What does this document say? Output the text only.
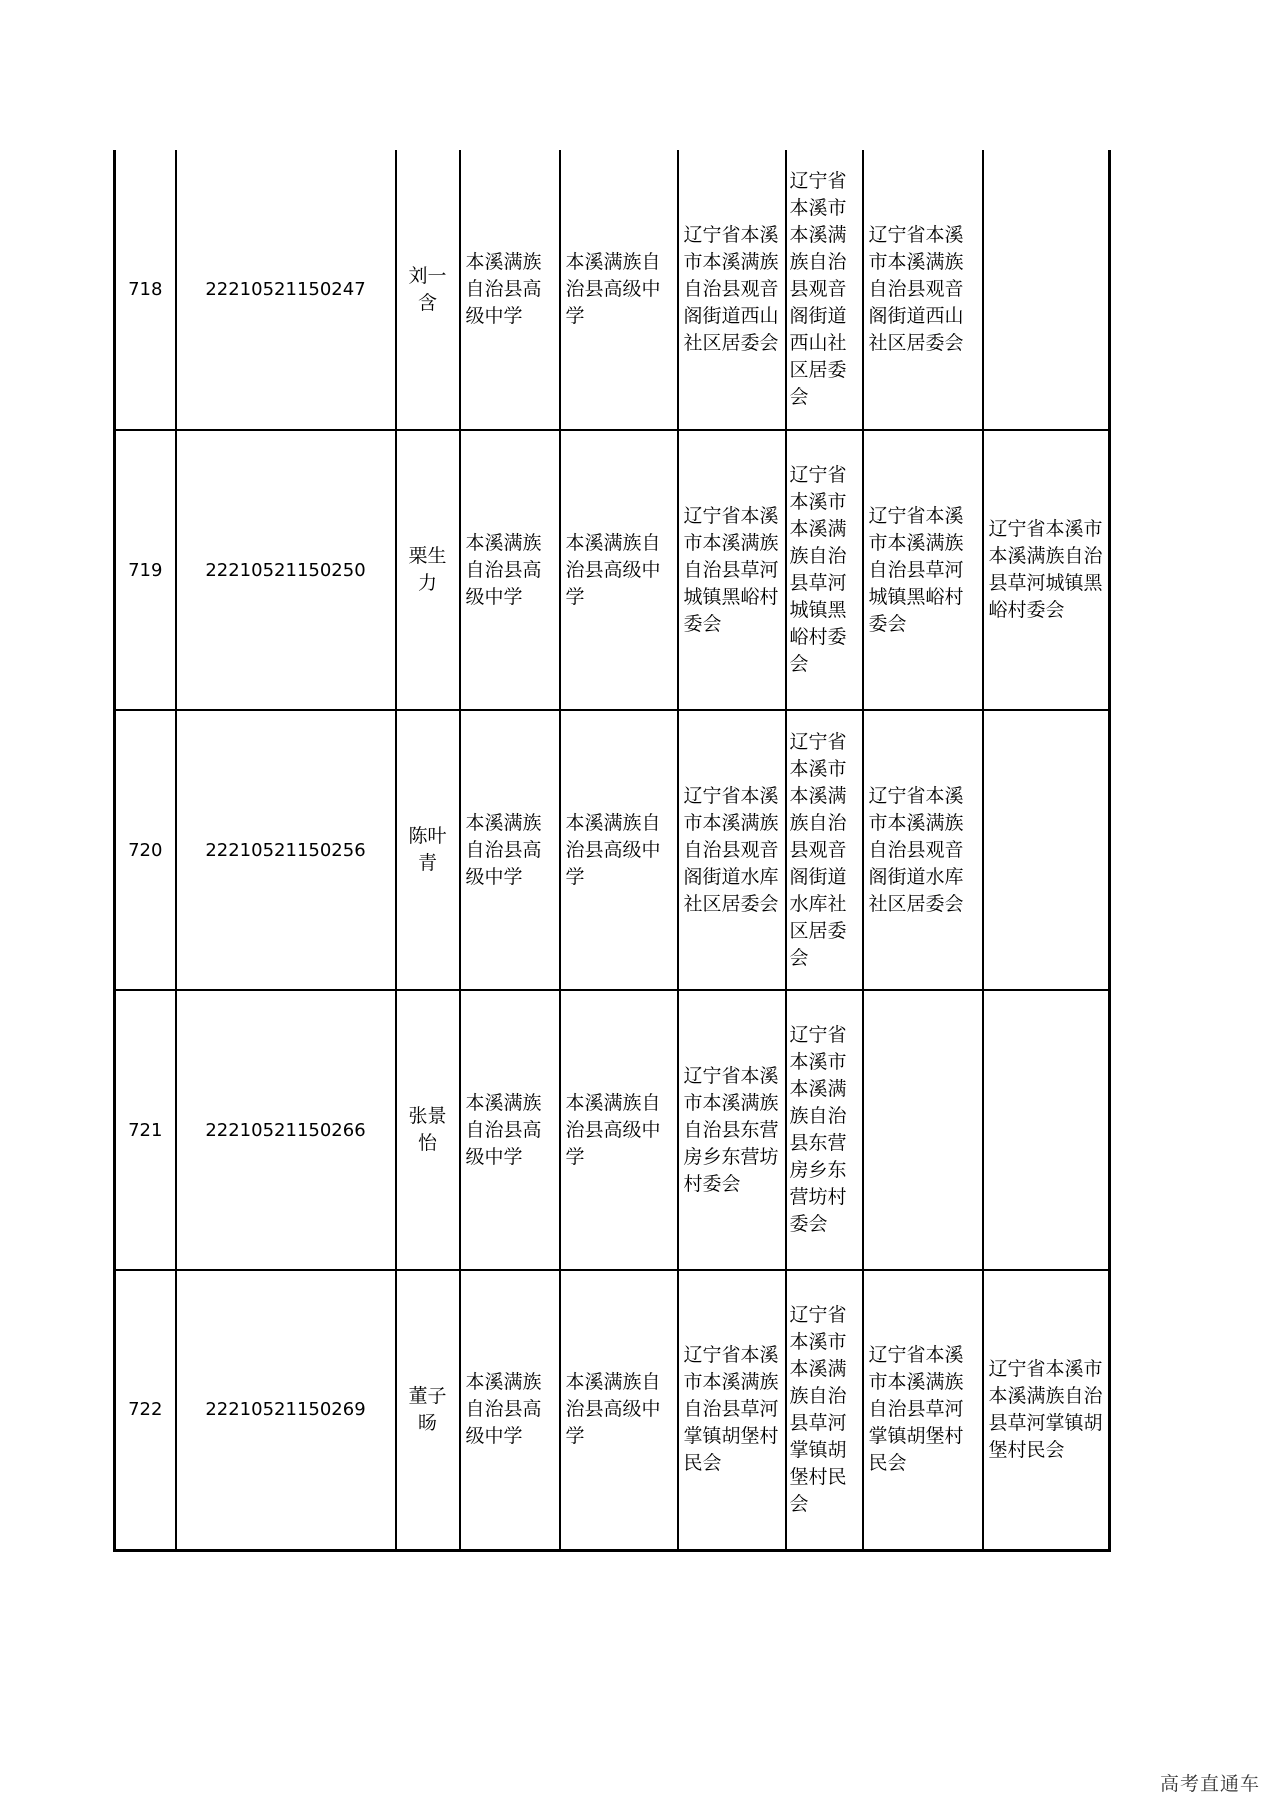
718	22210521150247	刘一含	本溪满族自治县高级中学	本溪满族自治县高级中学	辽宁省本溪市本溪满族自治县观音阁街道西山社区居委会	辽宁省本溪市本溪满族自治县观音阁街道西山社区居委会	辽宁省本溪市本溪满族自治县观音阁街道西山社区居委会	
719	22210521150250	栗生力	本溪满族自治县高级中学	本溪满族自治县高级中学	辽宁省本溪市本溪满族自治县草河城镇黑峪村委会	辽宁省本溪市本溪满族自治县草河城镇黑峪村委会	辽宁省本溪市本溪满族自治县草河城镇黑峪村委会	辽宁省本溪市本溪满族自治县草河城镇黑峪村委会
720	22210521150256	陈叶青	本溪满族自治县高级中学	本溪满族自治县高级中学	辽宁省本溪市本溪满族自治县观音阁街道水库社区居委会	辽宁省本溪市本溪满族自治县观音阁街道水库社区居委会	辽宁省本溪市本溪满族自治县观音阁街道水库社区居委会	
721	22210521150266	张景怡	本溪满族自治县高级中学	本溪满族自治县高级中学	辽宁省本溪市本溪满族自治县东营房乡东营坊村委会	辽宁省本溪市本溪满族自治县东营房乡东营坊村委会		
722	22210521150269	董子旸	本溪满族自治县高级中学	本溪满族自治县高级中学	辽宁省本溪市本溪满族自治县草河掌镇胡堡村民会	辽宁省本溪市本溪满族自治县草河掌镇胡堡村民会	辽宁省本溪市本溪满族自治县草河掌镇胡堡村民会	辽宁省本溪市本溪满族自治县草河掌镇胡堡村民会
高考直通车
